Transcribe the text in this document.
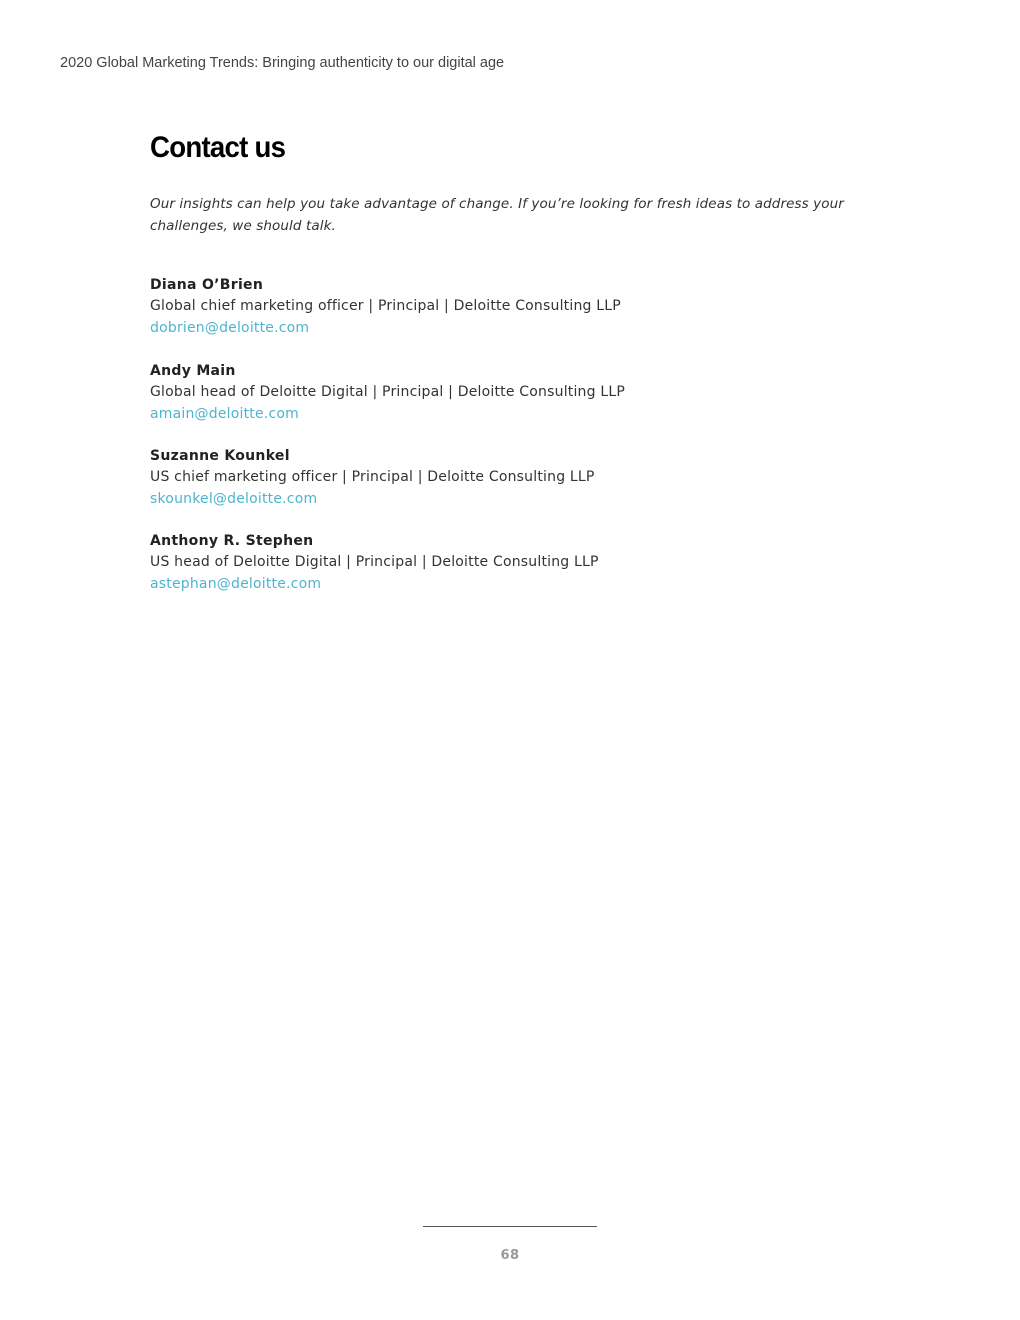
2020 Global Marketing Trends: Bringing authenticity to our digital age
Contact us

Our insights can help you take advantage of change. If you’re looking for fresh ideas to address your challenges, we should talk.

Diana O’Brien
Global chief marketing officer | Principal | Deloitte Consulting LLP
dobrien@deloitte.com
Andy Main
Global head of Deloitte Digital | Principal | Deloitte Consulting LLP
amain@deloitte.com
Suzanne Kounkel
US chief marketing officer | Principal | Deloitte Consulting LLP
skounkel@deloitte.com
Anthony R. Stephen
US head of Deloitte Digital | Principal | Deloitte Consulting LLP
astephan@deloitte.com
68
